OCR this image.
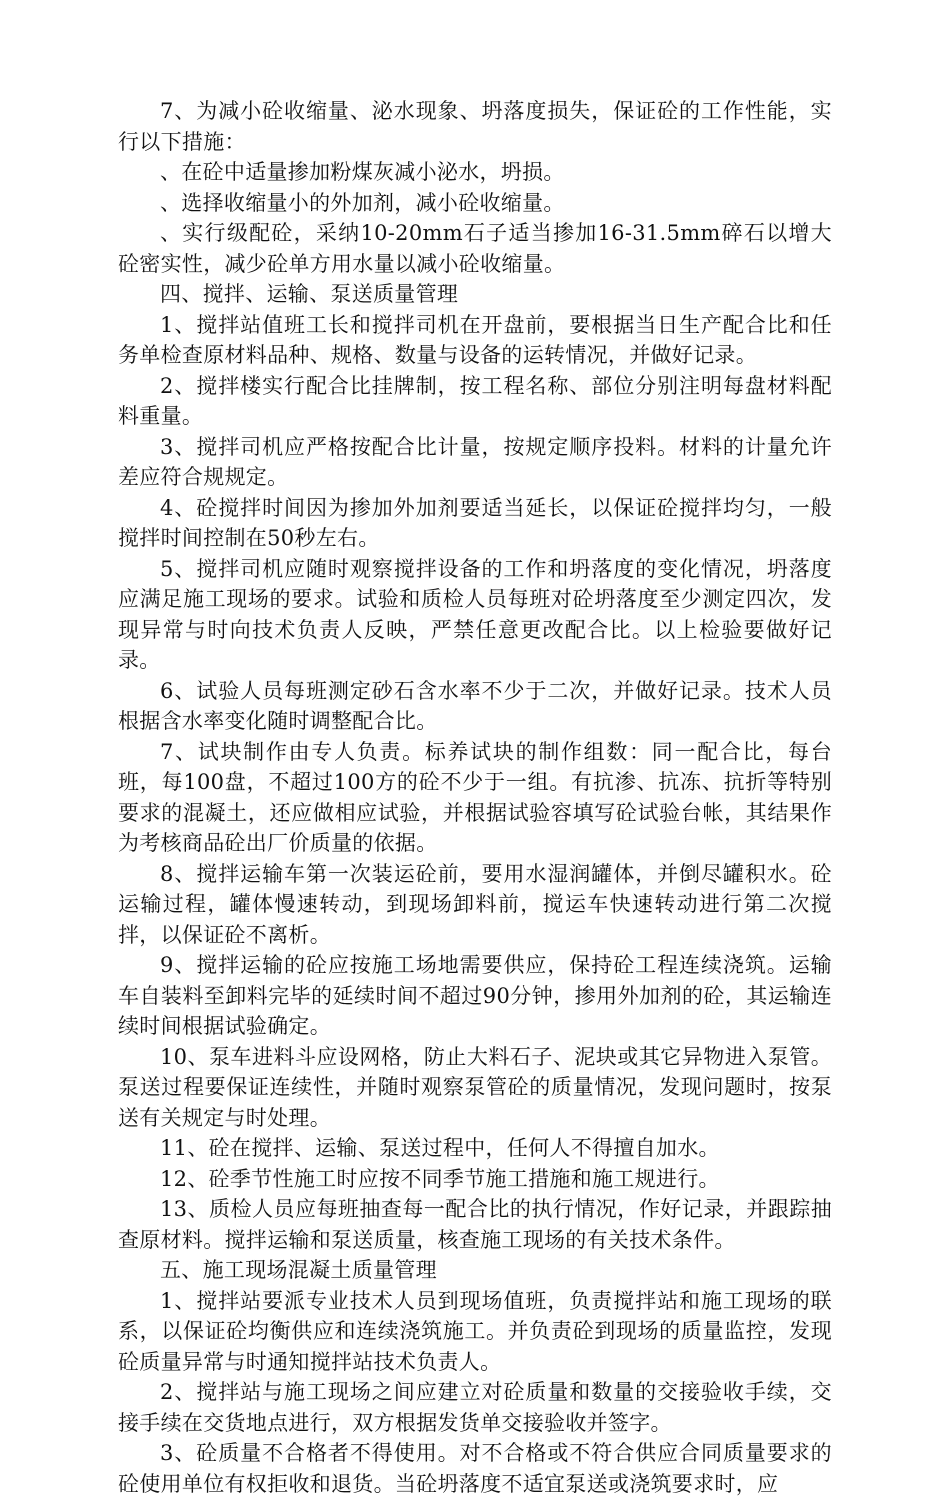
7、为减小砼收缩量、泌水现象、坍落度损失，保证砼的工作性能，实行以下措施：

、在砼中适量掺加粉煤灰减小泌水，坍损。

、选择收缩量小的外加剂，减小砼收缩量。

、实行级配砼，采纳10-20mm石子适当掺加16-31.5mm碎石以增大砼密实性，减少砼单方用水量以减小砼收缩量。

四、搅拌、运输、泵送质量管理

1、搅拌站值班工长和搅拌司机在开盘前，要根据当日生产配合比和任务单检查原材料品种、规格、数量与设备的运转情况，并做好记录。

2、搅拌楼实行配合比挂牌制，按工程名称、部位分别注明每盘材料配料重量。

3、搅拌司机应严格按配合比计量，按规定顺序投料。材料的计量允许差应符合规规定。

4、砼搅拌时间因为掺加外加剂要适当延长，以保证砼搅拌均匀，一般搅拌时间控制在50秒左右。

5、搅拌司机应随时观察搅拌设备的工作和坍落度的变化情况，坍落度应满足施工现场的要求。试验和质检人员每班对砼坍落度至少测定四次，发现异常与时向技术负责人反映，严禁任意更改配合比。以上检验要做好记录。

6、试验人员每班测定砂石含水率不少于二次，并做好记录。技术人员根据含水率变化随时调整配合比。

7、试块制作由专人负责。标养试块的制作组数：同一配合比，每台班，每100盘，不超过100方的砼不少于一组。有抗渗、抗冻、抗折等特别要求的混凝土，还应做相应试验，并根据试验容填写砼试验台帐，其结果作为考核商品砼出厂价质量的依据。

8、搅拌运输车第一次装运砼前，要用水湿润罐体，并倒尽罐积水。砼运输过程，罐体慢速转动，到现场卸料前，搅运车快速转动进行第二次搅拌，以保证砼不离析。

9、搅拌运输的砼应按施工场地需要供应，保持砼工程连续浇筑。运输车自装料至卸料完毕的延续时间不超过90分钟，掺用外加剂的砼，其运输连续时间根据试验确定。

10、泵车进料斗应设网格，防止大料石子、泥块或其它异物进入泵管。泵送过程要保证连续性，并随时观察泵管砼的质量情况，发现问题时，按泵送有关规定与时处理。

11、砼在搅拌、运输、泵送过程中，任何人不得擅自加水。

12、砼季节性施工时应按不同季节施工措施和施工规进行。

13、质检人员应每班抽查每一配合比的执行情况，作好记录，并跟踪抽查原材料。搅拌运输和泵送质量，核查施工现场的有关技术条件。

五、施工现场混凝土质量管理

1、搅拌站要派专业技术人员到现场值班，负责搅拌站和施工现场的联系，以保证砼均衡供应和连续浇筑施工。并负责砼到现场的质量监控，发现砼质量异常与时通知搅拌站技术负责人。

2、搅拌站与施工现场之间应建立对砼质量和数量的交接验收手续，交接手续在交货地点进行，双方根据发货单交接验收并签字。

3、砼质量不合格者不得使用。对不合格或不符合供应合同质量要求的砼使用单位有权拒收和退货。当砼坍落度不适宜泵送或浇筑要求时，应
